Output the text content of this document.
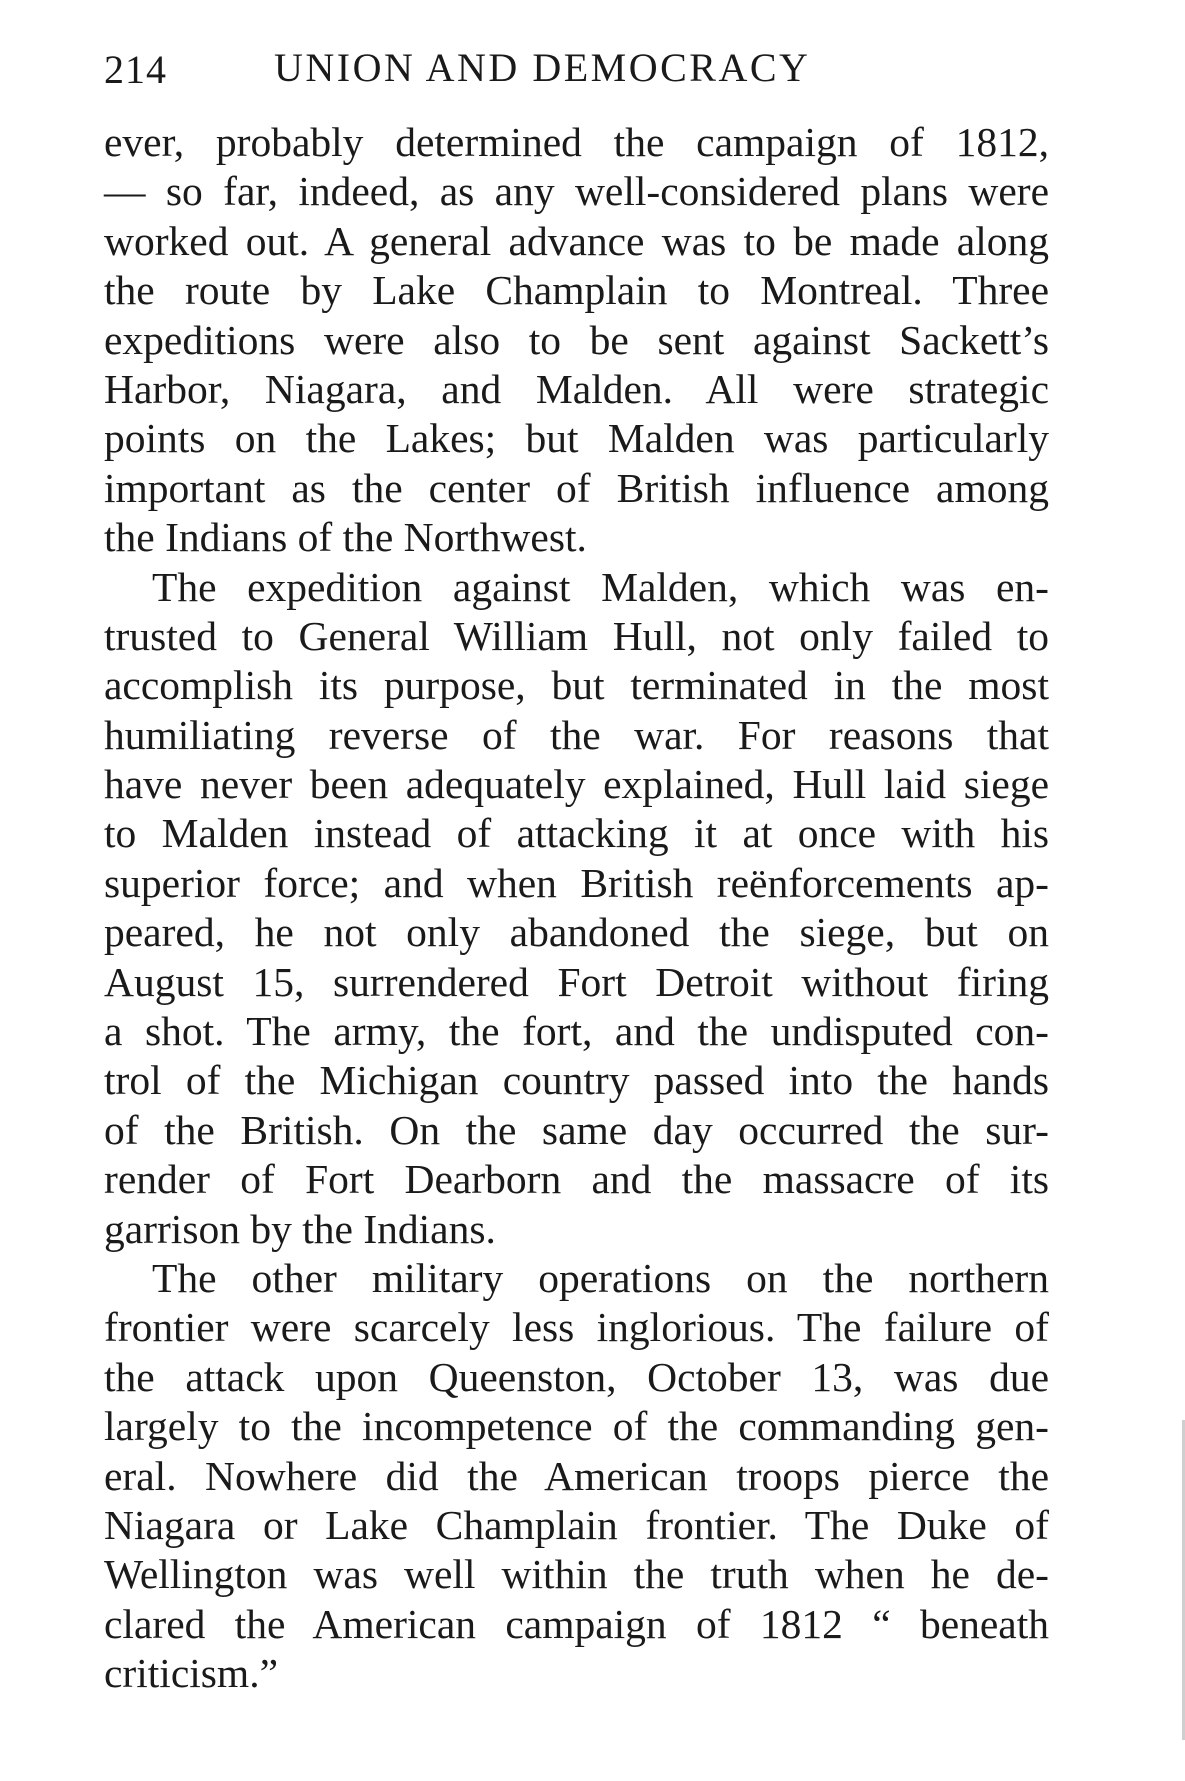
214	UNION AND DEMOCRACY
ever, probably determined the campaign of 1812,
— so far, indeed, as any well-considered plans were
worked out. A general advance was to be made along
the route by Lake Champlain to Montreal. Three
expeditions were also to be sent against Sackett’s
Harbor, Niagara, and Malden. All were strategic
points on the Lakes; but Malden was particularly
important as the center of British influence among
the Indians of the Northwest.
The expedition against Malden, which was en-
trusted to General William Hull, not only failed to
accomplish its purpose, but terminated in the most
humiliating reverse of the war. For reasons that
have never been adequately explained, Hull laid siege
to Malden instead of attacking it at once with his
superior force; and when British reënforcements ap-
peared, he not only abandoned the siege, but on
August 15, surrendered Fort Detroit without firing
a shot. The army, the fort, and the undisputed con-
trol of the Michigan country passed into the hands
of the British. On the same day occurred the sur-
render of Fort Dearborn and the massacre of its
garrison by the Indians.
The other military operations on the northern
frontier were scarcely less inglorious. The failure of
the attack upon Queenston, October 13, was due
largely to the incompetence of the commanding gen-
eral. Nowhere did the American troops pierce the
Niagara or Lake Champlain frontier. The Duke of
Wellington was well within the truth when he de-
clared the American campaign of 1812 “ beneath
criticism.”
